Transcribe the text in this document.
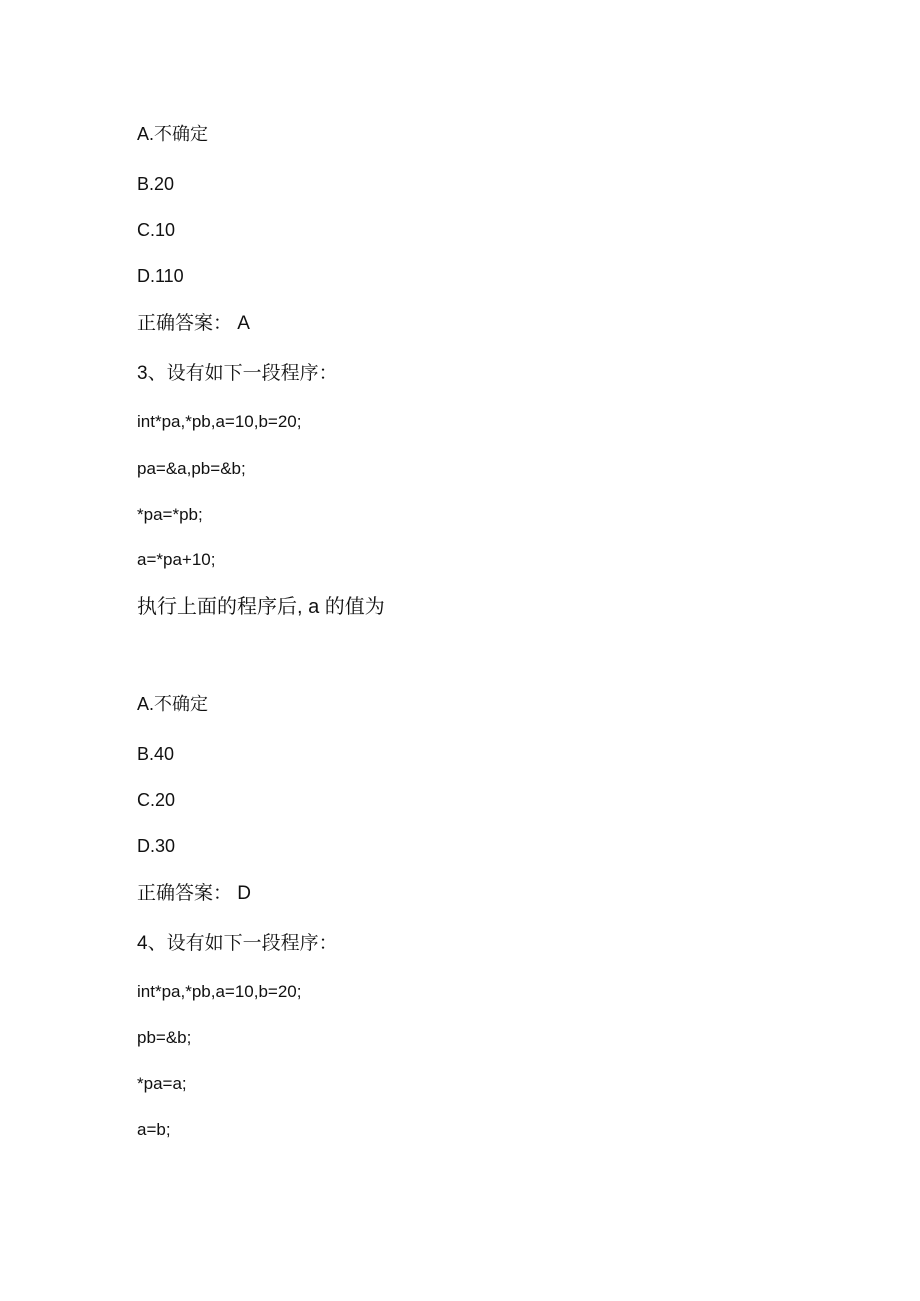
A.不确定
B.20
C.10
D.110
正确答案： A
3、设有如下一段程序：
int*pa,*pb,a=10,b=20;
pa=&a,pb=&b;
*pa=*pb;
a=*pa+10;
执行上面的程序后, a 的值为
A.不确定
B.40
C.20
D.30
正确答案： D
4、设有如下一段程序：
int*pa,*pb,a=10,b=20;
pb=&b;
*pa=a;
a=b;
